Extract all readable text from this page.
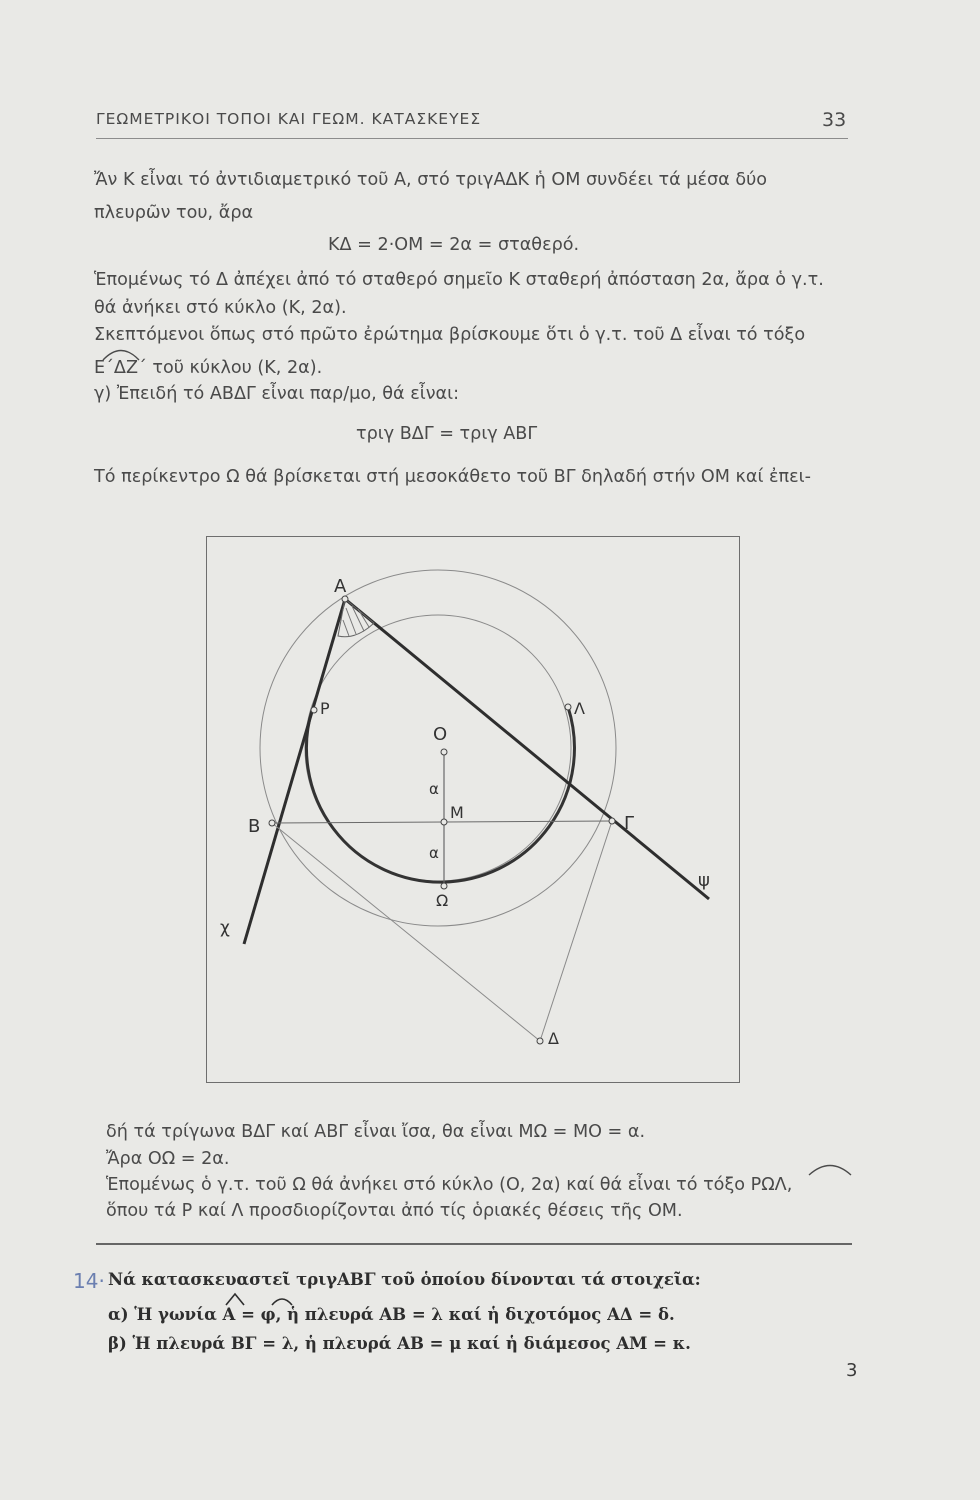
ΓΕΩΜΕΤΡΙΚΟΙ ΤΟΠΟΙ ΚΑΙ ΓΕΩΜ. ΚΑΤΑΣΚΕΥΕΣ	33
Ἄν Κ εἶναι τό ἀντιδιαμετρικό τοῦ Α, στό τριγΑΔΚ ἡ ΟΜ συνδέει τά μέσα δύο
πλευρῶν του, ἄρα
ΚΔ = 2·ΟΜ = 2α = σταθερό.
Ἑπομένως τό Δ ἀπέχει ἀπό τό σταθερό σημεῖο Κ σταθερή ἀπόσταση 2α, ἄρα ὁ γ.τ.
θά ἀνήκει στό κύκλο (Κ, 2α).
Σκεπτόμενοι ὅπως στό πρῶτο ἐρώτημα βρίσκουμε ὅτι ὁ γ.τ. τοῦ Δ εἶναι τό τόξο
Ε΄ΔΖ΄ τοῦ κύκλου (Κ, 2α).
γ) Ἐπειδή τό ΑΒΔΓ εἶναι παρ/μο, θά εἶναι:
τριγ ΒΔΓ = τριγ ΑΒΓ
Τό περίκεντρο Ω θά βρίσκεται στή μεσοκάθετο τοῦ ΒΓ δηλαδή στήν ΟΜ καί ἐπει-
Α
Ρ	Λ
Ο
α
Μ
Β	Γ
α
Ω
ψ
χ
Δ
δή τά τρίγωνα ΒΔΓ καί ΑΒΓ εἶναι ἴσα, θα εἶναι ΜΩ = ΜΟ = α.
Ἄρα ΟΩ = 2α.
Ἑπομένως ὁ γ.τ. τοῦ Ω θά ἀνήκει στό κύκλο (Ο, 2α) καί θά εἶναι τό τόξο ΡΩΛ,
ὅπου τά Ρ καί Λ προσδιορίζονται ἀπό τίς ὁριακές θέσεις τῆς ΟΜ.
14· Νά κατασκευαστεῖ τριγΑΒΓ τοῦ ὁποίου δίνονται τά στοιχεῖα:
α) Ἡ γωνία Α = φ, ἡ πλευρά ΑΒ = λ καί ἡ διχοτόμος ΑΔ = δ.
β) Ἡ πλευρά ΒΓ = λ, ἡ πλευρά ΑΒ = μ καί ἡ διάμεσος ΑΜ = κ.
3
